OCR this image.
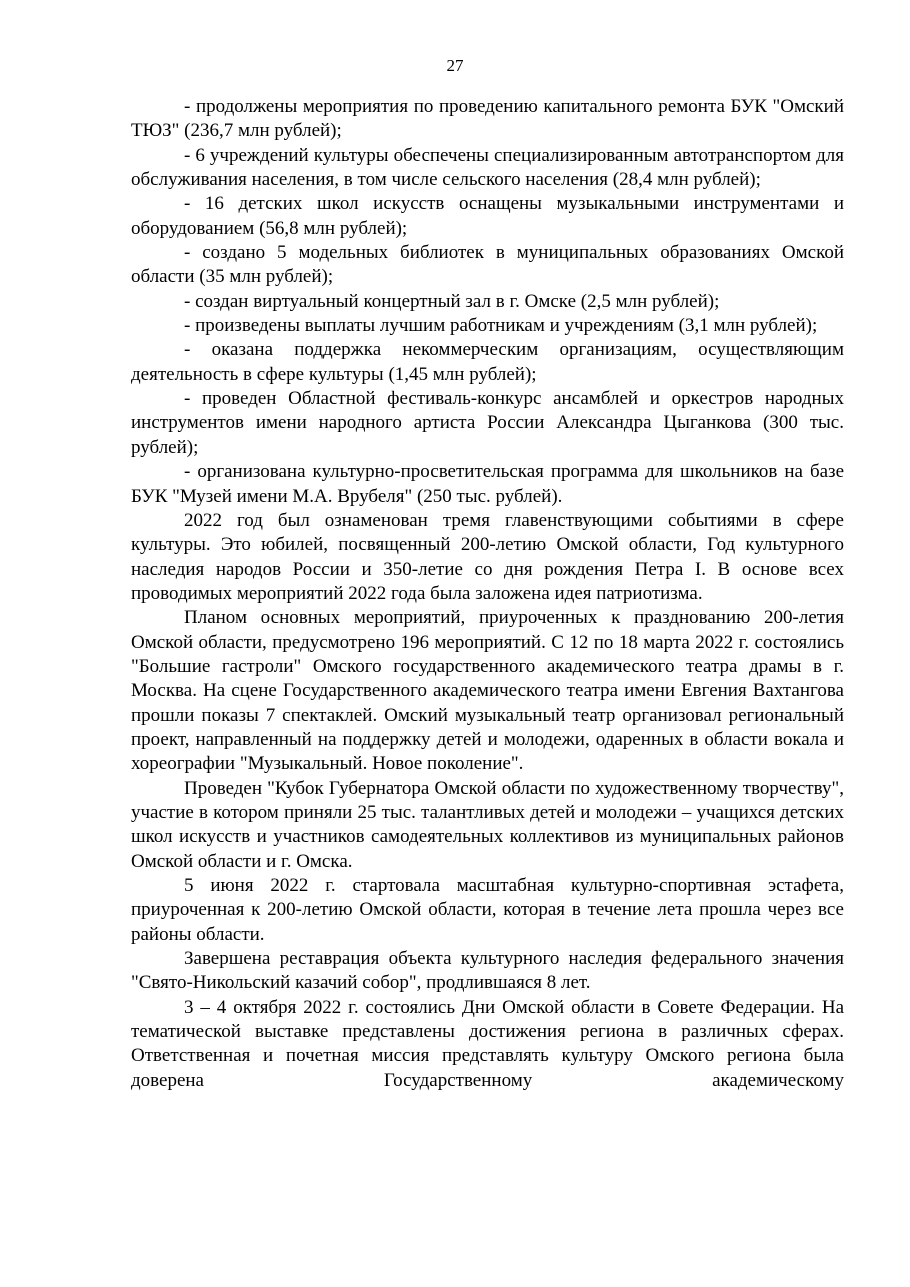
27

- продолжены мероприятия по проведению капитального ремонта БУК "Омский ТЮЗ" (236,7 млн рублей);

- 6 учреждений культуры обеспечены специализированным автотранспортом для обслуживания населения, в том числе сельского населения (28,4 млн рублей);

- 16 детских школ искусств оснащены музыкальными инструментами и оборудованием (56,8 млн рублей);

- создано 5 модельных библиотек в муниципальных образованиях Омской области (35 млн рублей);

- создан виртуальный концертный зал в г. Омске (2,5 млн рублей);

- произведены выплаты лучшим работникам и учреждениям (3,1 млн рублей);

- оказана поддержка некоммерческим организациям, осуществляющим деятельность в сфере культуры (1,45 млн рублей);

- проведен Областной фестиваль-конкурс ансамблей и оркестров народных инструментов имени народного артиста России Александра Цыганкова (300 тыс. рублей);

- организована культурно-просветительская программа для школьников на базе БУК "Музей имени М.А. Врубеля" (250 тыс. рублей).

2022 год был ознаменован тремя главенствующими событиями в сфере культуры. Это юбилей, посвященный 200-летию Омской области, Год культурного наследия народов России и 350-летие со дня рождения Петра I. В основе всех проводимых мероприятий 2022 года была заложена идея патриотизма.

Планом основных мероприятий, приуроченных к празднованию 200-летия Омской области, предусмотрено 196 мероприятий. С 12 по 18 марта 2022 г. состоялись "Большие гастроли" Омского государственного академического театра драмы в г. Москва. На сцене Государственного академического театра имени Евгения Вахтангова прошли показы 7 спектаклей. Омский музыкальный театр организовал региональный проект, направленный на поддержку детей и молодежи, одаренных в области вокала и хореографии "Музыкальный. Новое поколение".

Проведен "Кубок Губернатора Омской области по художественному творчеству", участие в котором приняли 25 тыс. талантливых детей и молодежи – учащихся детских школ искусств и участников самодеятельных коллективов из муниципальных районов Омской области и г. Омска.

5 июня 2022 г. стартовала масштабная культурно-спортивная эстафета, приуроченная к 200-летию Омской области, которая в течение лета прошла через все районы области.

Завершена реставрация объекта культурного наследия федерального значения "Свято-Никольский казачий собор", продлившаяся 8 лет.

3 – 4 октября 2022 г. состоялись Дни Омской области в Совете Федерации. На тематической выставке представлены достижения региона в различных сферах. Ответственная и почетная миссия представлять культуру Омского региона была доверена Государственному академическому
